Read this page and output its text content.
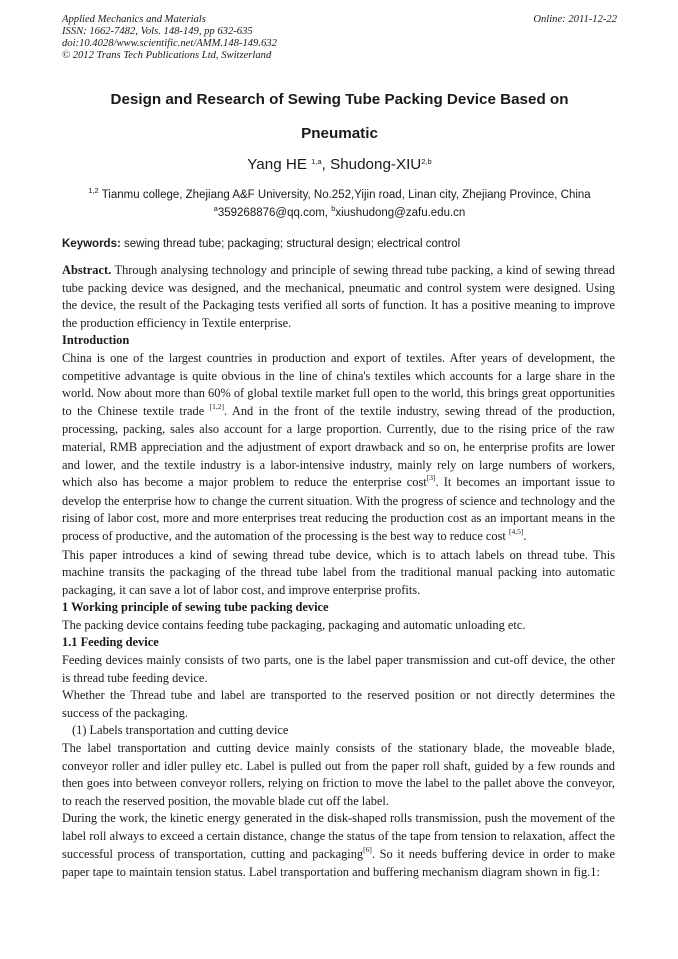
Applied Mechanics and Materials
ISSN: 1662-7482, Vols. 148-149, pp 632-635
doi:10.4028/www.scientific.net/AMM.148-149.632
© 2012 Trans Tech Publications Ltd, Switzerland
Online: 2011-12-22
Design and Research of Sewing Tube Packing Device Based on
Pneumatic
Yang HE $^{1,a}$, Shudong-XIU$^{2,b}$
$^{1,2}$ Tianmu college, Zhejiang A&F University, No.252,Yijin road, Linan city, Zhejiang Province, China
$^a$359268876@qq.com, $^b$xiushudong@zafu.edu.cn
Keywords: sewing thread tube; packaging; structural design; electrical control

Abstract. Through analysing technology and principle of sewing thread tube packing, a kind of sewing thread tube packing device was designed, and the mechanical, pneumatic and control system were designed. Using the device, the result of the Packaging tests verified all sorts of function. It has a positive meaning to improve the production efficiency in Textile enterprise.

Introduction

China is one of the largest countries in production and export of textiles. After years of development, the competitive advantage is quite obvious in the line of china's textiles which accounts for a large share in the world. Now about more than 60% of global textile market full open to the world, this brings great opportunities to the Chinese textile trade [1,2]. And in the front of the textile industry, sewing thread of the production, processing, packing, sales also account for a large proportion. Currently, due to the rising price of the raw material, RMB appreciation and the adjustment of export drawback and so on, he enterprise profits are lower and lower, and the textile industry is a labor-intensive industry, mainly rely on large numbers of workers, which also has become a major problem to reduce the enterprise cost[3]. It becomes an important issue to develop the enterprise how to change the current situation. With the progress of science and technology and the rising of labor cost, more and more enterprises treat reducing the production cost as an important means in the process of productive, and the automation of the processing is the best way to reduce cost [4,5].

This paper introduces a kind of sewing thread tube device, which is to attach labels on thread tube. This machine transits the packaging of the thread tube label from the traditional manual packing into automatic packaging, it can save a lot of labor cost, and improve enterprise profits.

1 Working principle of sewing tube packing device

The packing device contains feeding tube packaging, packaging and automatic unloading etc.

1.1 Feeding device

Feeding devices mainly consists of two parts, one is the label paper transmission and cut-off device, the other is thread tube feeding device.

Whether the Thread tube and label are transported to the reserved position or not directly determines the success of the packaging.

(1) Labels transportation and cutting device

The label transportation and cutting device mainly consists of the stationary blade, the moveable blade, conveyor roller and idler pulley etc. Label is pulled out from the paper roll shaft, guided by a few rounds and then goes into between conveyor rollers, relying on friction to move the label to the pallet above the conveyor, to reach the reserved position, the movable blade cut off the label.

During the work, the kinetic energy generated in the disk-shaped rolls transmission, push the movement of the label roll always to exceed a certain distance, change the status of the tape from tension to relaxation, affect the successful process of transportation, cutting and packaging[6]. So it needs buffering device in order to make paper tape to maintain tension status. Label transportation and buffering mechanism diagram shown in fig.1:
